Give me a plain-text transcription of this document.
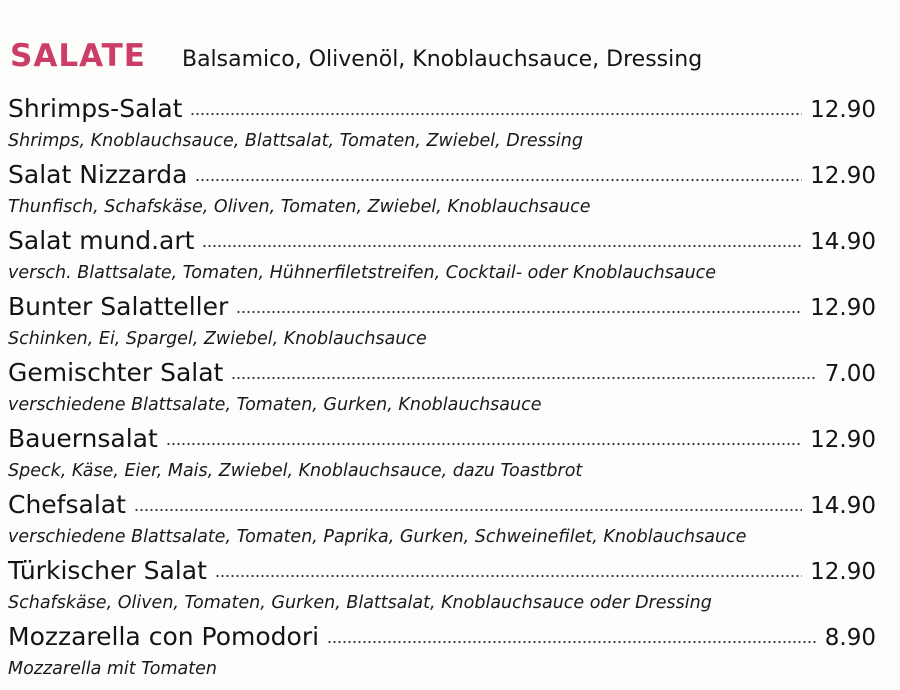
SALATE Balsamico, Olivenöl, Knoblauchsauce, Dressing
Shrimps-Salat	12.90
Shrimps, Knoblauchsauce, Blattsalat, Tomaten, Zwiebel, Dressing
Salat Nizzarda	12.90
Thunfisch, Schafskäse, Oliven, Tomaten, Zwiebel, Knoblauchsauce
Salat mund.art	14.90
versch. Blattsalate, Tomaten, Hühnerfiletstreifen, Cocktail- oder Knoblauchsauce
Bunter Salatteller	12.90
Schinken, Ei, Spargel, Zwiebel, Knoblauchsauce
Gemischter Salat	7.00
verschiedene Blattsalate, Tomaten, Gurken, Knoblauchsauce
Bauernsalat	12.90
Speck, Käse, Eier, Mais, Zwiebel, Knoblauchsauce, dazu Toastbrot
Chefsalat	14.90
verschiedene Blattsalate, Tomaten, Paprika, Gurken, Schweinefilet, Knoblauchsauce
Türkischer Salat	12.90
Schafskäse, Oliven, Tomaten, Gurken, Blattsalat, Knoblauchsauce oder Dressing
Mozzarella con Pomodori	8.90
Mozzarella mit Tomaten
